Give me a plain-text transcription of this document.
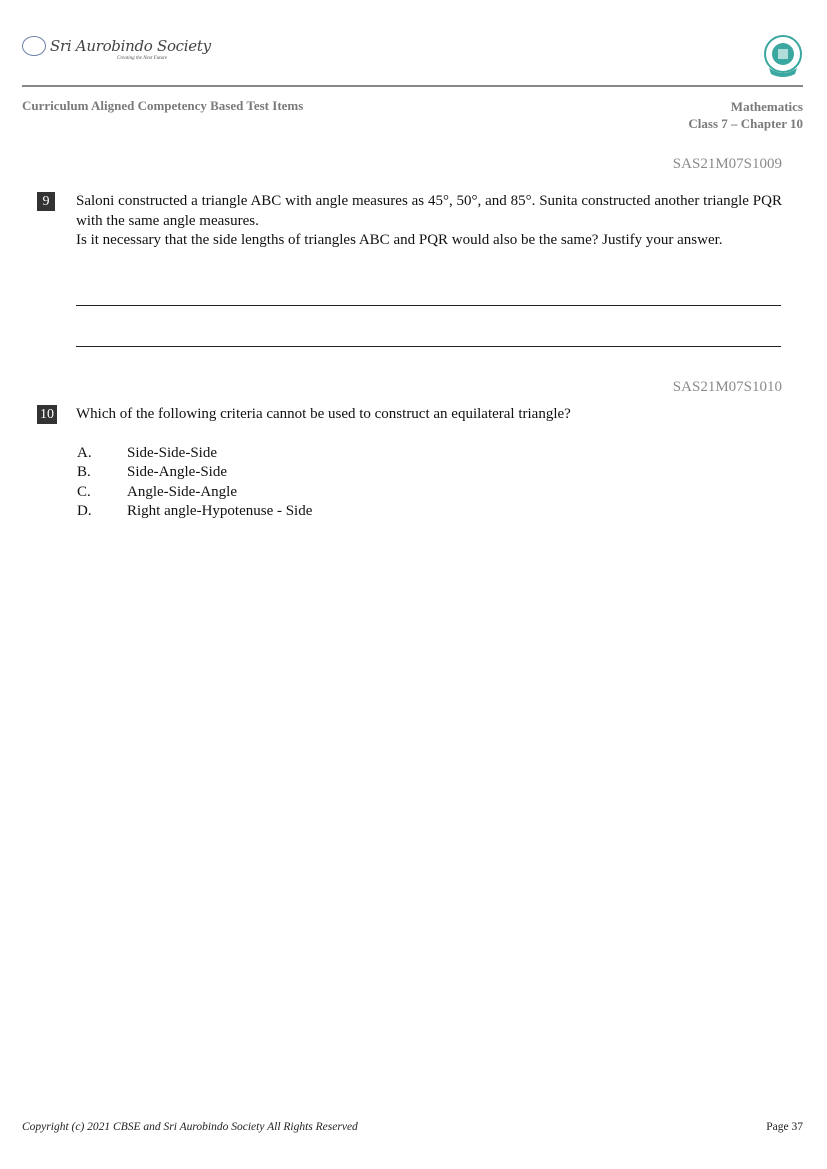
Sri Aurobindo Society
Creating the Next Future
Curriculum Aligned Competency Based Test Items	Mathematics
Class 7 – Chapter 10
SAS21M07S1009
9	Saloni constructed a triangle ABC with angle measures as 45°, 50°, and 85°. Sunita constructed another triangle PQR with the same angle measures.
Is it necessary that the side lengths of triangles ABC and PQR would also be the same? Justify your answer.
SAS21M07S1010
10 Which of the following criteria cannot be used to construct an equilateral triangle?
A.	Side-Side-Side
B.	Side-Angle-Side
C.	Angle-Side-Angle
D.	Right angle-Hypotenuse - Side
Copyright (c) 2021 CBSE and Sri Aurobindo Society All Rights Reserved	Page 37
